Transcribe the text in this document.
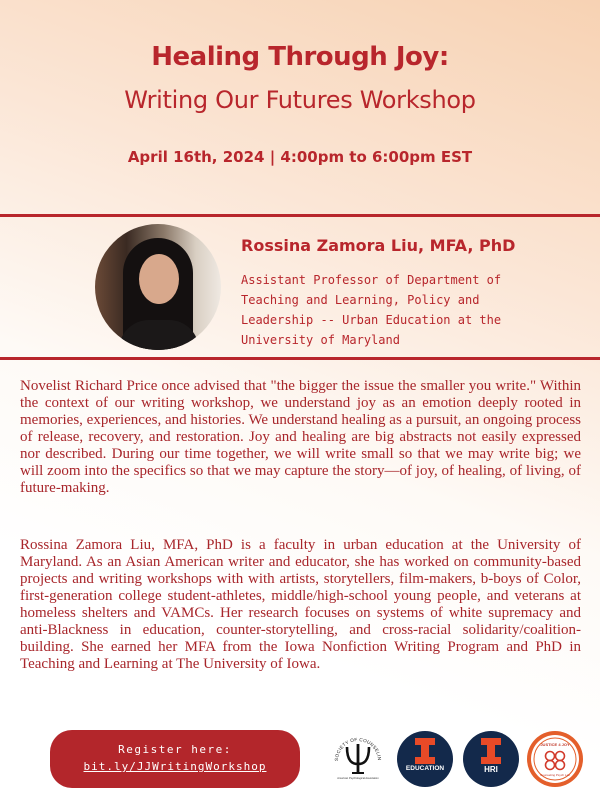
Healing Through Joy:
Writing Our Futures Workshop
April 16th, 2024 | 4:00pm to 6:00pm EST
Rossina Zamora Liu, MFA, PhD
Assistant Professor of Department of
Teaching and Learning, Policy and
Leadership -- Urban Education at the
University of Maryland

Novelist Richard Price once advised that "the bigger the issue the smaller you write." Within the context of our writing workshop, we understand joy as an emotion deeply rooted in memories, experiences, and histories. We understand healing as a pursuit, an ongoing process of release, recovery, and restoration. Joy and healing are big abstracts not easily expressed nor described. During our time together, we will write small so that we may write big; we will zoom into the specifics so that we may capture the story—of joy, of healing, of living, of future-making.

Rossina Zamora Liu, MFA, PhD is a faculty in urban education at the University of Maryland. As an Asian American writer and educator, she has worked on community-based projects and writing workshops with with artists, storytellers, film-makers, b-boys of Color, first-generation college student-athletes, middle/high-school young people, and veterans at homeless shelters and VAMCs. Her research focuses on systems of white supremacy and anti-Blackness in education, counter-storytelling, and cross-racial solidarity/coalition-building. She earned her MFA from the Iowa Nonfiction Writing Program and PhD in Teaching and Learning at The University of Iowa.

Register here:
bit.ly/JJWritingWorkshop
SOCIETY OF COUNSELIN
American Psychological Association
EDUCATION	HRI
JUSTICE 4 JOY
Counseling Psych Lab
